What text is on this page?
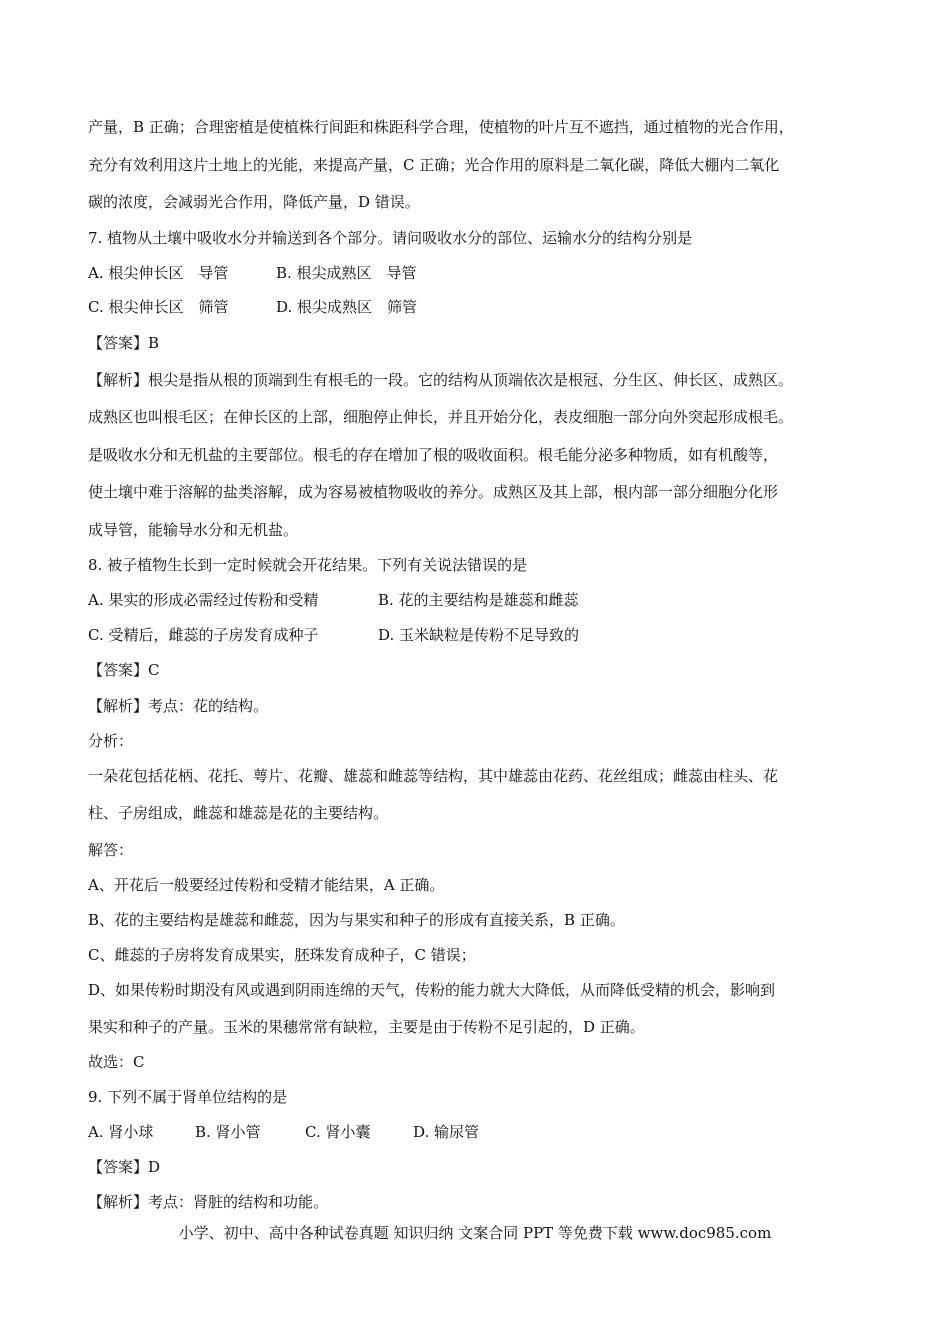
产量，B 正确；合理密植是使植株行间距和株距科学合理，使植物的叶片互不遮挡，通过植物的光合作用，
充分有效利用这片土地上的光能，来提高产量，C 正确；光合作用的原料是二氧化碳，降低大棚内二氧化
碳的浓度，会减弱光合作用，降低产量，D 错误。
7. 植物从土壤中吸收水分并输送到各个部分。请问吸收水分的部位、运输水分的结构分别是
A. 根尖伸长区　导管	B. 根尖成熟区　导管
C. 根尖伸长区　筛管	D. 根尖成熟区　筛管
【答案】B
【解析】根尖是指从根的顶端到生有根毛的一段。它的结构从顶端依次是根冠、分生区、伸长区、成熟区。
成熟区也叫根毛区；在伸长区的上部，细胞停止伸长，并且开始分化，表皮细胞一部分向外突起形成根毛。
是吸收水分和无机盐的主要部位。根毛的存在增加了根的吸收面积。根毛能分泌多种物质，如有机酸等，
使土壤中难于溶解的盐类溶解，成为容易被植物吸收的养分。成熟区及其上部，根内部一部分细胞分化形
成导管，能输导水分和无机盐。
8. 被子植物生长到一定时候就会开花结果。下列有关说法错误的是
A. 果实的形成必需经过传粉和受精	B. 花的主要结构是雄蕊和雌蕊
C. 受精后，雌蕊的子房发育成种子	D. 玉米缺粒是传粉不足导致的
【答案】C
【解析】考点：花的结构。
分析：
一朵花包括花柄、花托、萼片、花瓣、雄蕊和雌蕊等结构，其中雄蕊由花药、花丝组成；雌蕊由柱头、花
柱、子房组成，雌蕊和雄蕊是花的主要结构。
解答：
A、开花后一般要经过传粉和受精才能结果，A 正确。
B、花的主要结构是雄蕊和雌蕊，因为与果实和种子的形成有直接关系，B 正确。
C、雌蕊的子房将发育成果实，胚珠发育成种子，C 错误；
D、如果传粉时期没有风或遇到阴雨连绵的天气，传粉的能力就大大降低，从而降低受精的机会，影响到
果实和种子的产量。玉米的果穗常常有缺粒，主要是由于传粉不足引起的，D 正确。
故选：C
9. 下列不属于肾单位结构的是
A. 肾小球	B. 肾小管	C. 肾小囊	D. 输尿管
【答案】D
【解析】考点：肾脏的结构和功能。
小学、初中、高中各种试卷真题 知识归纳 文案合同 PPT 等免费下载 www.doc985.com
